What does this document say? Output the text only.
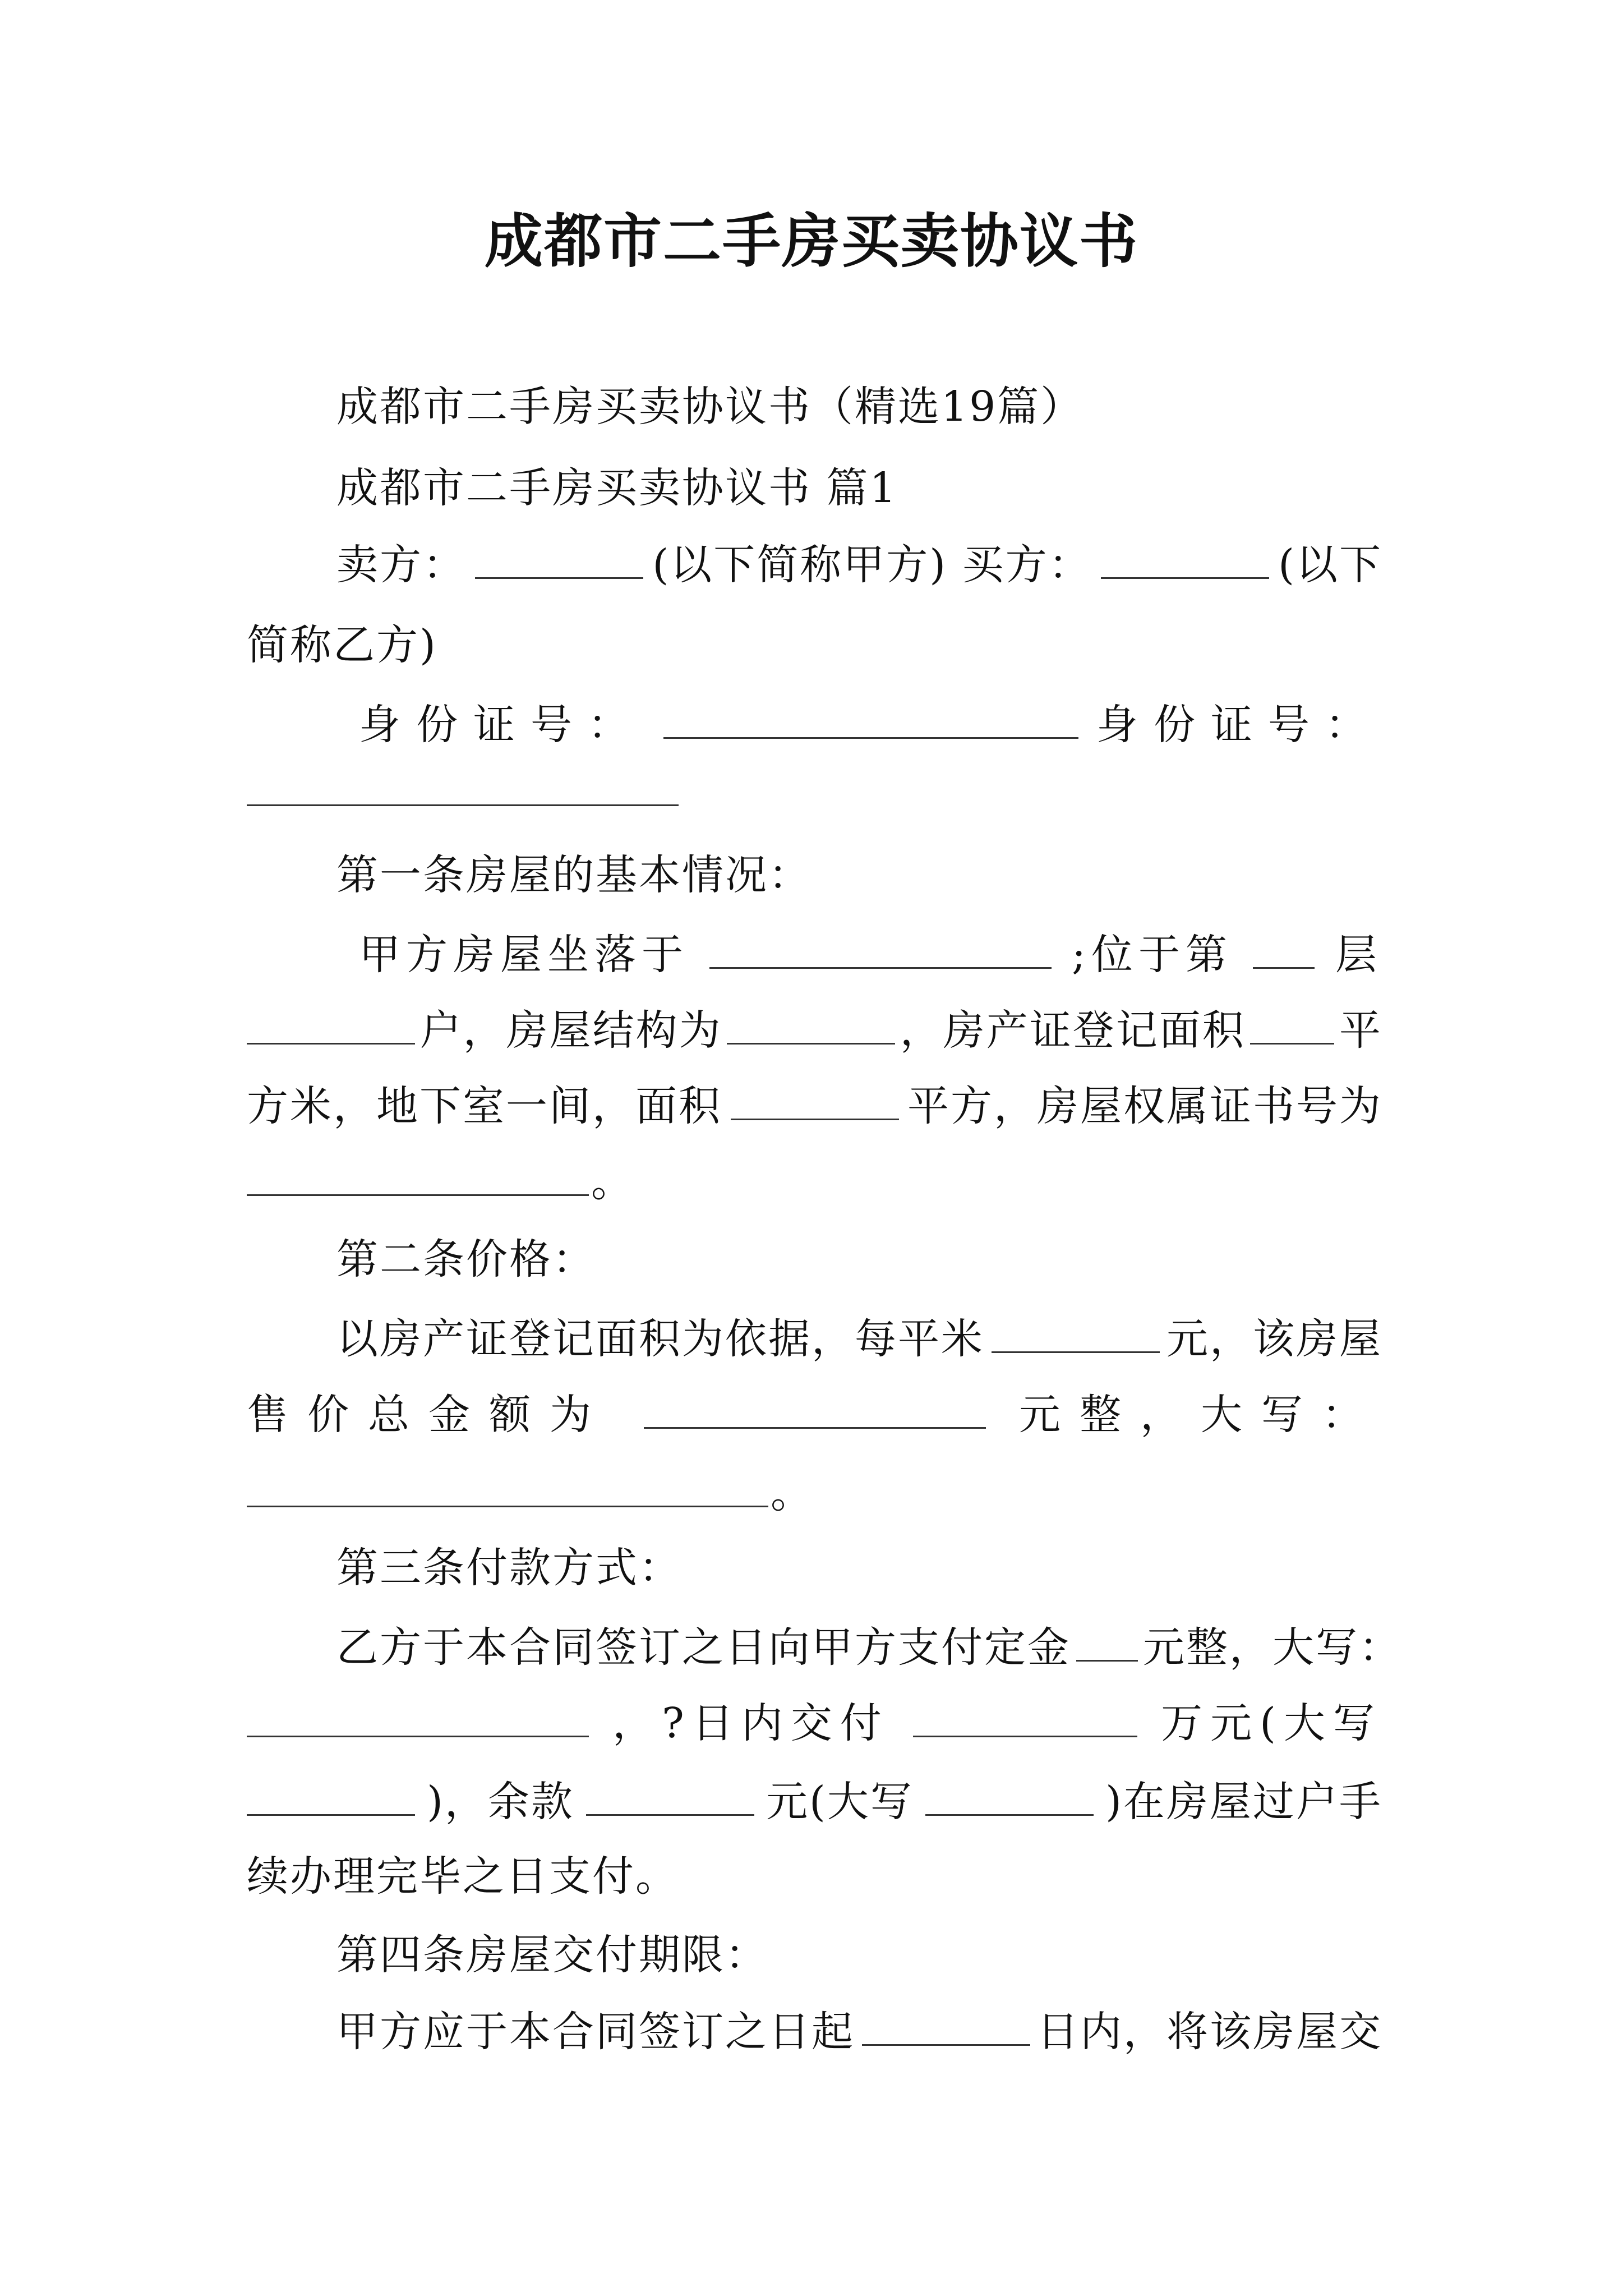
成都市二手房买卖协议书
成都市二手房买卖协议书（精选19篇）
成都市二手房买卖协议书 篇1
卖方：	(以下简称甲方) 买方：	(以下
简称乙方)
身份证号：	身份证号：
第一条房屋的基本情况：
甲方房屋坐落于	;位于第 层
户，房屋结构为	，房产证登记面积 平
方米，地下室一间，面积	平方，房屋权属证书号为
。
第二条价格：
以房产证登记面积为依据，每平米	元，该房屋
售价总金额为	元整，大写：
。
第三条付款方式：
乙方于本合同签订之日向甲方支付定金 元整，大写：
，?日内交付	万元(大写
)，余款	元(大写	)在房屋过户手
续办理完毕之日支付。
第四条房屋交付期限：
甲方应于本合同签订之日起	日内，将该房屋交
